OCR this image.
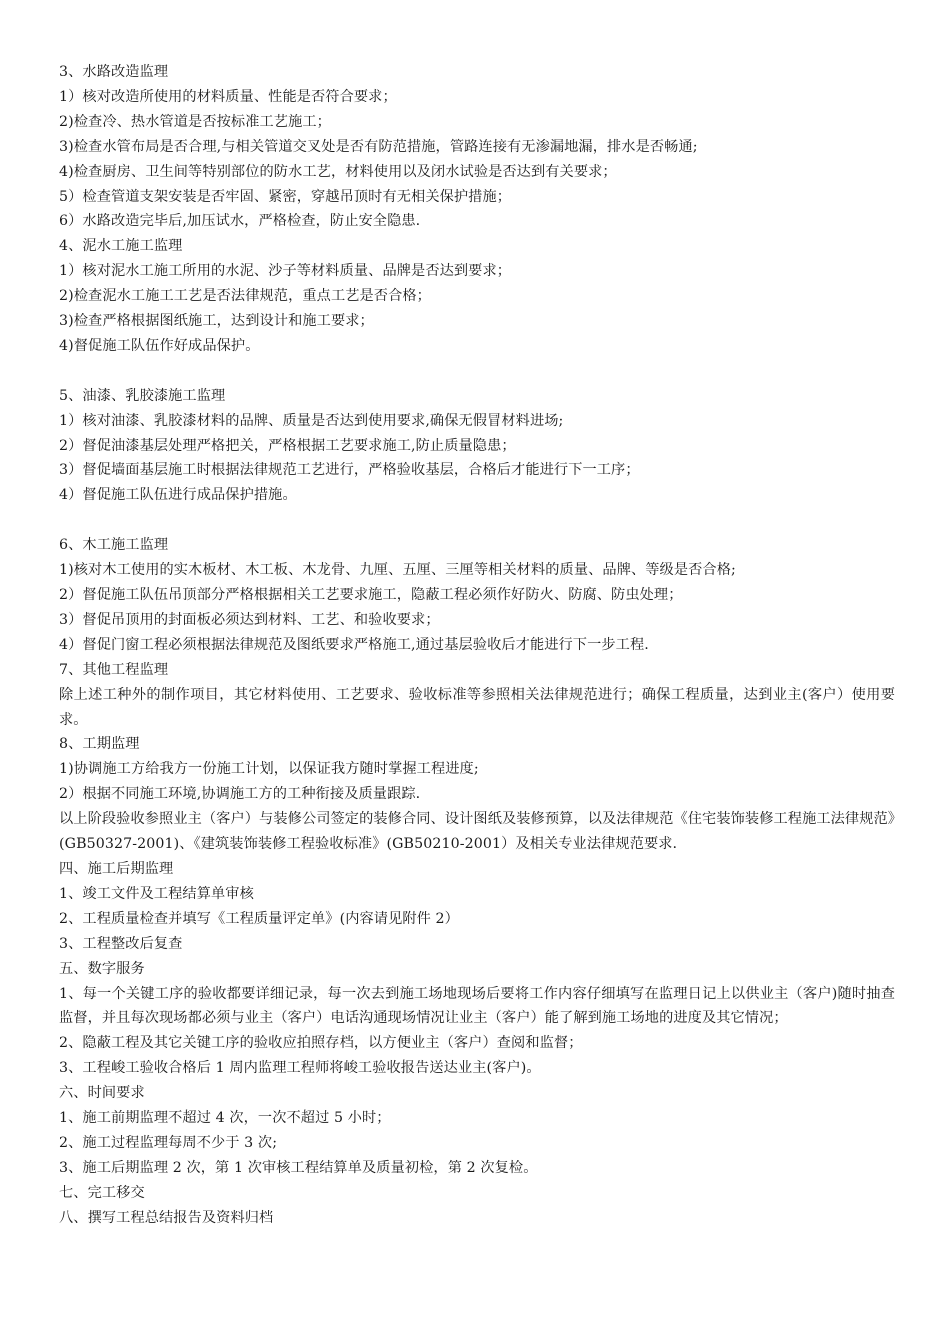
3、水路改造监理
1）核对改造所使用的材料质量、性能是否符合要求；
2)检查冷、热水管道是否按标准工艺施工；
3)检查水管布局是否合理,与相关管道交叉处是否有防范措施，管路连接有无渗漏地漏，排水是否畅通;
4)检查厨房、卫生间等特别部位的防水工艺，材料使用以及闭水试验是否达到有关要求；
5）检查管道支架安装是否牢固、紧密，穿越吊顶时有无相关保护措施；
6）水路改造完毕后,加压试水，严格检查，防止安全隐患.
4、泥水工施工监理
1）核对泥水工施工所用的水泥、沙子等材料质量、品牌是否达到要求；
2)检查泥水工施工工艺是否法律规范，重点工艺是否合格；
3)检查严格根据图纸施工，达到设计和施工要求；
4)督促施工队伍作好成品保护。
5、油漆、乳胶漆施工监理
1）核对油漆、乳胶漆材料的品牌、质量是否达到使用要求,确保无假冒材料进场;
2）督促油漆基层处理严格把关，严格根据工艺要求施工,防止质量隐患；
3）督促墙面基层施工时根据法律规范工艺进行，严格验收基层，合格后才能进行下一工序；
4）督促施工队伍进行成品保护措施。
6、木工施工监理
1)核对木工使用的实木板材、木工板、木龙骨、九厘、五厘、三厘等相关材料的质量、品牌、等级是否合格;
2）督促施工队伍吊顶部分严格根据相关工艺要求施工，隐蔽工程必须作好防火、防腐、防虫处理；
3）督促吊顶用的封面板必须达到材料、工艺、和验收要求；
4）督促门窗工程必须根据法律规范及图纸要求严格施工,通过基层验收后才能进行下一步工程.
7、其他工程监理
除上述工种外的制作项目，其它材料使用、工艺要求、验收标准等参照相关法律规范进行；确保工程质量，达到业主(客户）使用要求。
8、工期监理
1)协调施工方给我方一份施工计划，以保证我方随时掌握工程进度;
2）根据不同施工环境,协调施工方的工种衔接及质量跟踪.
以上阶段验收参照业主（客户）与装修公司签定的装修合同、设计图纸及装修预算，以及法律规范《住宅装饰装修工程施工法律规范》(GB50327-2001)、《建筑装饰装修工程验收标准》(GB50210-2001）及相关专业法律规范要求.
四、施工后期监理
1、竣工文件及工程结算单审核
2、工程质量检查并填写《工程质量评定单》(内容请见附件 2）
3、工程整改后复查
五、数字服务
1、每一个关键工序的验收都要详细记录，每一次去到施工场地现场后要将工作内容仔细填写在监理日记上以供业主（客户)随时抽查监督，并且每次现场都必须与业主（客户）电话沟通现场情况让业主（客户）能了解到施工场地的进度及其它情况；
2、隐蔽工程及其它关键工序的验收应拍照存档，以方便业主（客户）查阅和监督；
3、工程峻工验收合格后 1 周内监理工程师将峻工验收报告送达业主(客户)。
六、时间要求
1、施工前期监理不超过 4 次，一次不超过 5 小时；
2、施工过程监理每周不少于 3 次;
3、施工后期监理 2 次，第 1 次审核工程结算单及质量初检，第 2 次复检。
七、完工移交
八、撰写工程总结报告及资料归档
